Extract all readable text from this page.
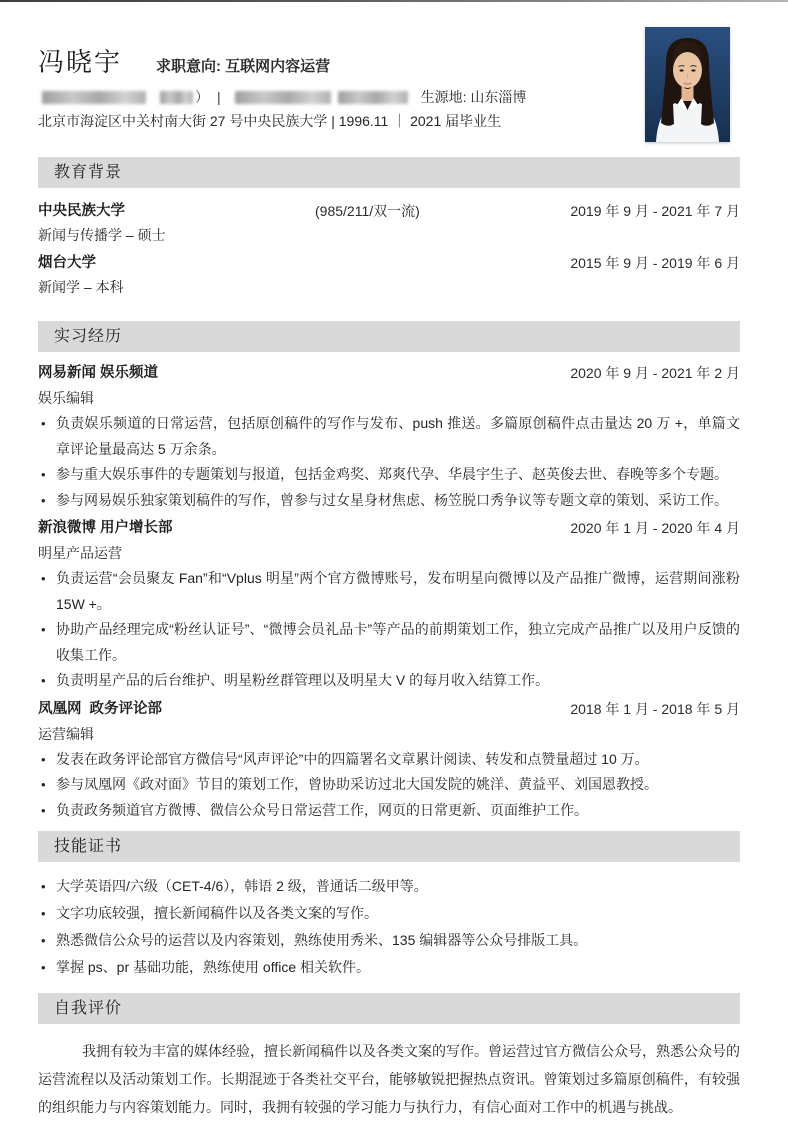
冯晓宇 求职意向: 互联网内容运营
） |	生源地: 山东淄博
北京市海淀区中关村南大街 27 号中央民族大学 | 1996.11 ｜ 2021 届毕业生
教育背景
中央民族大学	(985/211/双一流)	2019 年 9 月 - 2021 年 7 月
新闻与传播学 – 硕士
烟台大学	2015 年 9 月 - 2019 年 6 月
新闻学 – 本科
实习经历
网易新闻 娱乐频道	2020 年 9 月 - 2021 年 2 月
娱乐编辑
• 负责娱乐频道的日常运营，包括原创稿件的写作与发布、push 推送。多篇原创稿件点击量达 20 万 +，单篇文章评论量最高达 5 万余条。
• 参与重大娱乐事件的专题策划与报道，包括金鸡奖、郑爽代孕、华晨宇生子、赵英俊去世、春晚等多个专题。
• 参与网易娱乐独家策划稿件的写作，曾参与过女星身材焦虑、杨笠脱口秀争议等专题文章的策划、采访工作。
新浪微博 用户增长部	2020 年 1 月 - 2020 年 4 月
明星产品运营
• 负责运营“会员聚友 Fan”和“Vplus 明星”两个官方微博账号，发布明星向微博以及产品推广微博，运营期间涨粉 15W +。
• 协助产品经理完成“粉丝认证号”、“微博会员礼品卡”等产品的前期策划工作，独立完成产品推广以及用户反馈的收集工作。
• 负责明星产品的后台维护、明星粉丝群管理以及明星大 V 的每月收入结算工作。
凤凰网  政务评论部	2018 年 1 月 - 2018 年 5 月
运营编辑
• 发表在政务评论部官方微信号“风声评论”中的四篇署名文章累计阅读、转发和点赞量超过 10 万。
• 参与凤凰网《政对面》节目的策划工作，曾协助采访过北大国发院的姚洋、黄益平、刘国恩教授。
• 负责政务频道官方微博、微信公众号日常运营工作，网页的日常更新、页面维护工作。
技能证书
• 大学英语四/六级（CET-4/6），韩语 2 级，普通话二级甲等。
• 文字功底较强，擅长新闻稿件以及各类文案的写作。
• 熟悉微信公众号的运营以及内容策划，熟练使用秀米、135 编辑器等公众号排版工具。
• 掌握 ps、pr 基础功能，熟练使用 office 相关软件。
自我评价

我拥有较为丰富的媒体经验，擅长新闻稿件以及各类文案的写作。曾运营过官方微信公众号，熟悉公众号的运营流程以及活动策划工作。长期混迹于各类社交平台，能够敏锐把握热点资讯。曾策划过多篇原创稿件，有较强的组织能力与内容策划能力。同时，我拥有较强的学习能力与执行力，有信心面对工作中的机遇与挑战。
